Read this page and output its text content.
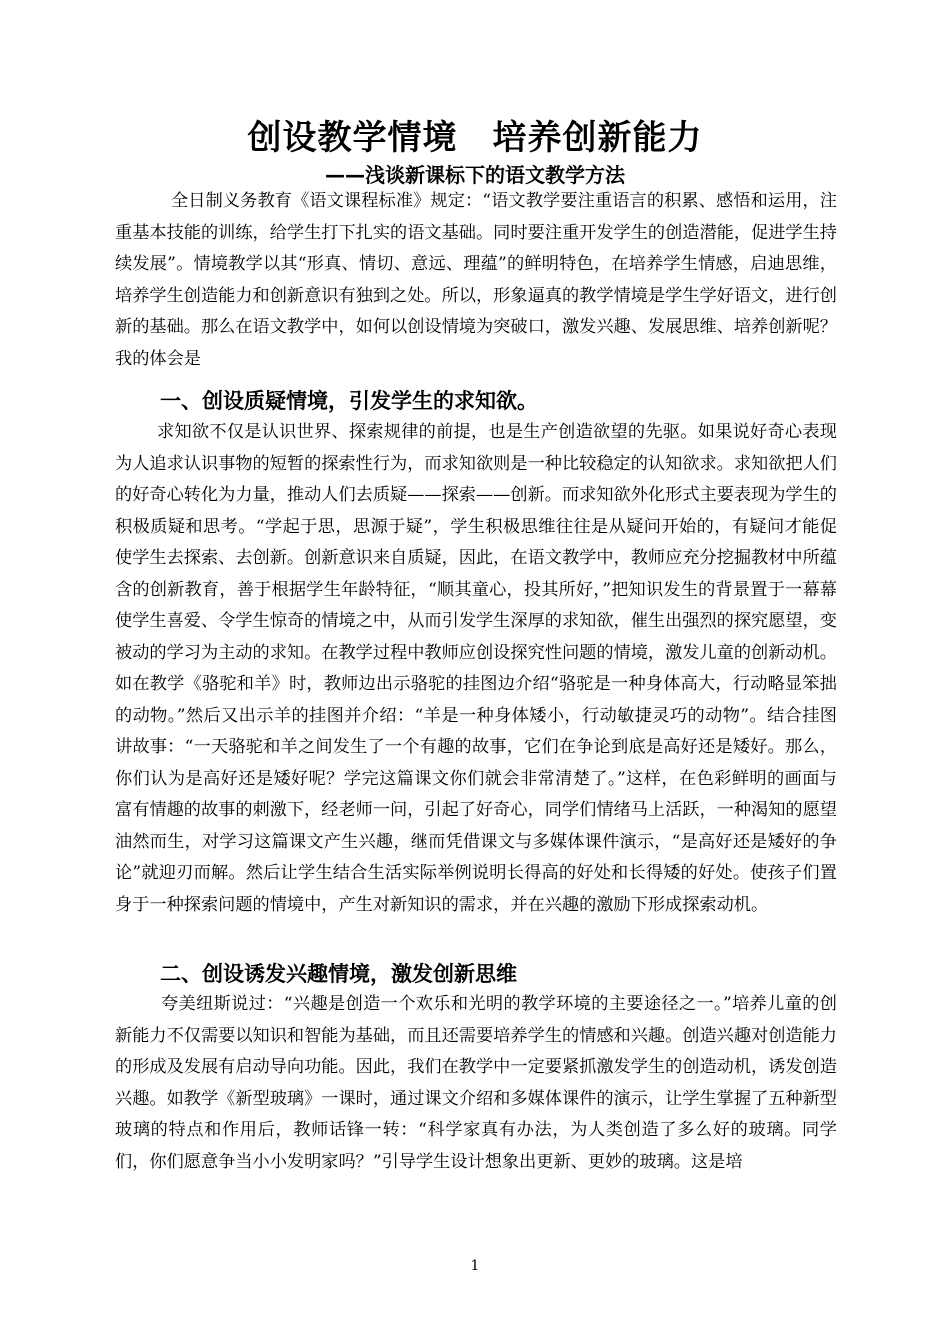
创设教学情境　培养创新能力
——浅谈新课标下的语文教学方法

全日制义务教育《语文课程标准》规定：“语文教学要注重语言的积累、感悟和运用，注重基本技能的训练，给学生打下扎实的语文基础。同时要注重开发学生的创造潜能，促进学生持续发展”。情境教学以其“形真、情切、意远、理蕴”的鲜明特色，在培养学生情感，启迪思维，培养学生创造能力和创新意识有独到之处。所以，形象逼真的教学情境是学生学好语文，进行创新的基础。那么在语文教学中，如何以创设情境为突破口，激发兴趣、发展思维、培养创新呢？我的体会是

一、创设质疑情境，引发学生的求知欲。

求知欲不仅是认识世界、探索规律的前提，也是生产创造欲望的先驱。如果说好奇心表现为人追求认识事物的短暂的探索性行为，而求知欲则是一种比较稳定的认知欲求。求知欲把人们的好奇心转化为力量，推动人们去质疑——探索——创新。而求知欲外化形式主要表现为学生的积极质疑和思考。“学起于思，思源于疑”，学生积极思维往往是从疑问开始的，有疑问才能促使学生去探索、去创新。创新意识来自质疑，因此，在语文教学中，教师应充分挖掘教材中所蕴含的创新教育，善于根据学生年龄特征，“顺其童心，投其所好，”把知识发生的背景置于一幕幕使学生喜爱、令学生惊奇的情境之中，从而引发学生深厚的求知欲，催生出强烈的探究愿望，变被动的学习为主动的求知。在教学过程中教师应创设探究性问题的情境，激发儿童的创新动机。如在教学《骆驼和羊》时，教师边出示骆驼的挂图边介绍“骆驼是一种身体高大，行动略显笨拙的动物。”然后又出示羊的挂图并介绍：“羊是一种身体矮小，行动敏捷灵巧的动物”。结合挂图讲故事：“一天骆驼和羊之间发生了一个有趣的故事，它们在争论到底是高好还是矮好。那么，你们认为是高好还是矮好呢？学完这篇课文你们就会非常清楚了。”这样，在色彩鲜明的画面与富有情趣的故事的刺激下，经老师一问，引起了好奇心，同学们情绪马上活跃，一种渴知的愿望油然而生，对学习这篇课文产生兴趣，继而凭借课文与多媒体课件演示，“是高好还是矮好的争论”就迎刃而解。然后让学生结合生活实际举例说明长得高的好处和长得矮的好处。使孩子们置身于一种探索问题的情境中，产生对新知识的需求，并在兴趣的激励下形成探索动机。

二、创设诱发兴趣情境，激发创新思维

夸美纽斯说过：“兴趣是创造一个欢乐和光明的教学环境的主要途径之一。”培养儿童的创新能力不仅需要以知识和智能为基础，而且还需要培养学生的情感和兴趣。创造兴趣对创造能力的形成及发展有启动导向功能。因此，我们在教学中一定要紧抓激发学生的创造动机，诱发创造兴趣。如教学《新型玻璃》一课时，通过课文介绍和多媒体课件的演示，让学生掌握了五种新型玻璃的特点和作用后，教师话锋一转：“科学家真有办法，为人类创造了多么好的玻璃。同学们，你们愿意争当小小发明家吗？”引导学生设计想象出更新、更妙的玻璃。这是培

1
